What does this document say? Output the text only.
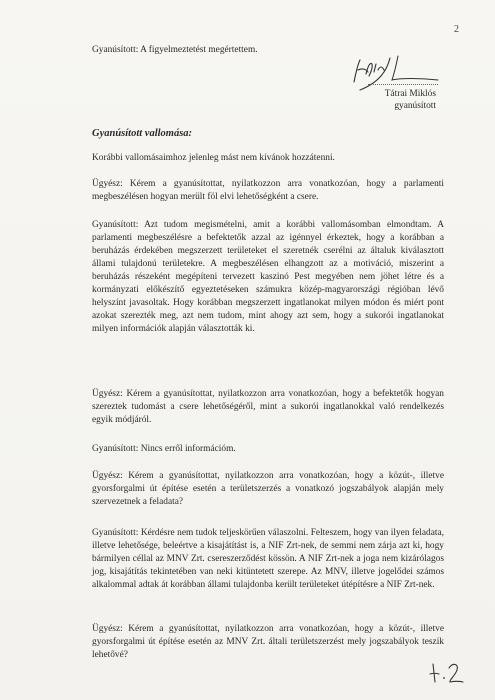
2

Gyanúsított: A figyelmeztetést megértettem.

Tátrai Miklós
gyanúsított
Gyanúsított vallomása:

Korábbi vallomásaimhoz jelenleg mást nem kívánok hozzátenni.

Ügyész: Kérem a gyanúsítottat, nyilatkozzon arra vonatkozóan, hogy a parlamenti megbeszélésen hogyan merült föl elvi lehetőségként a csere.

Gyanúsított: Azt tudom megismételni, amit a korábbi vallomásomban elmondtam. A parlamenti megbeszélésre a befektetők azzal az igénnyel érkeztek, hogy a korábban a beruházás érdekében megszerzett területeket el szeretnék cserélni az általuk kiválasztott állami tulajdonú területekre. A megbeszélésen elhangzott az a motiváció, miszerint a beruházás részeként megépíteni tervezett kaszinó Pest megyében nem jöhet létre és a kormányzati előkészítő egyeztetéseken számukra közép-magyarországi régióban lévő helyszínt javasoltak. Hogy korábban megszerzett ingatlanokat milyen módon és miért pont azokat szerezték meg, azt nem tudom, mint ahogy azt sem, hogy a sukorói ingatlanokat milyen információk alapján választották ki.

Ügyész: Kérem a gyanúsítottat, nyilatkozzon arra vonatkozóan, hogy a befektetők hogyan szereztek tudomást a csere lehetőségéről, mint a sukorói ingatlanokkal való rendelkezés egyik módjáról.

Gyanúsított: Nincs erről információm.

Ügyész: Kérem a gyanúsítottat, nyilatkozzon arra vonatkozóan, hogy a közút-, illetve gyorsforgalmi út építése esetén a területszerzés a vonatkozó jogszabályok alapján mely szervezetnek a feladata?

Gyanúsított: Kérdésre nem tudok teljeskörűen válaszolni. Felteszem, hogy van ilyen feladata, illetve lehetősége, beleértve a kisajátítást is, a NIF Zrt-nek, de semmi nem zárja azt ki, hogy bármilyen céllal az MNV Zrt. csereszerződést kössön. A NIF Zrt-nek a joga nem kizárólagos jog, kisajátítás tekintetében van neki kitüntetett szerepe. Az MNV, illetve jogelődei számos alkalommal adtak át korábban állami tulajdonba került területeket útépítésre a NIF Zrt-nek.

Ügyész: Kérem a gyanúsítottat, nyilatkozzon arra vonatkozóan, hogy a közút-, illetve gyorsforgalmi út építése esetén az MNV Zrt. általi területszerzést mely jogszabályok teszik lehetővé?
